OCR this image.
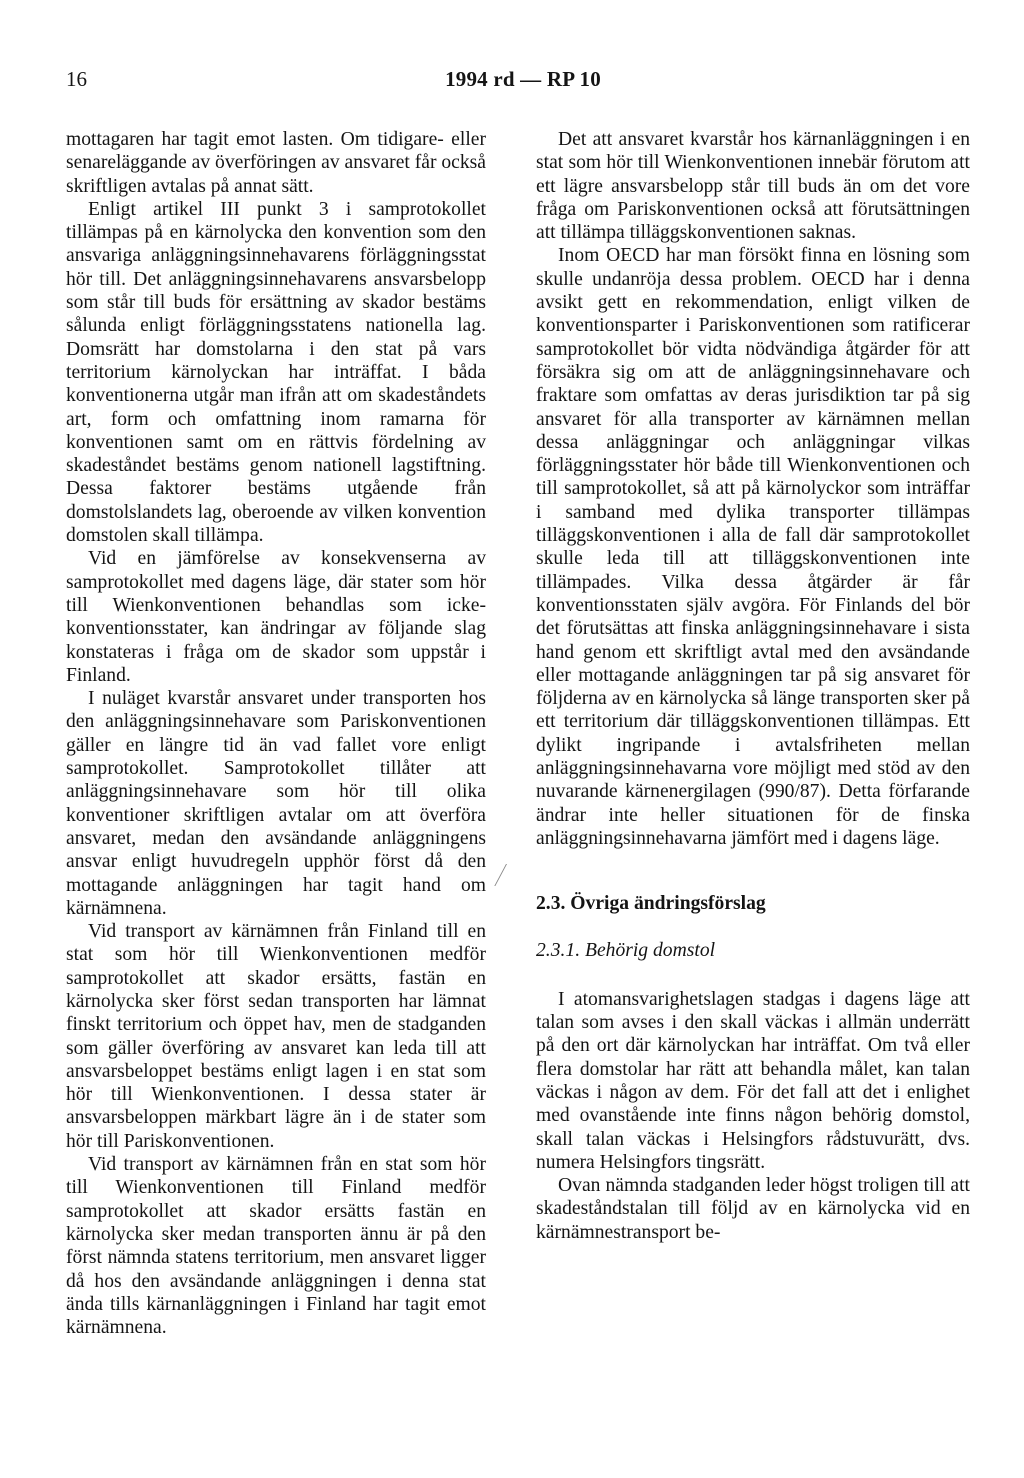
16	1994 rd — RP 10

mottagaren har tagit emot lasten. Om tidigare- eller senareläggande av överföringen av ansvaret får också skriftligen avtalas på annat sätt.

Enligt artikel III punkt 3 i samprotokollet tillämpas på en kärnolycka den konvention som den ansvariga anläggningsinnehavarens förläggningsstat hör till. Det anläggningsinnehavarens ansvarsbelopp som står till buds för ersättning av skador bestäms sålunda enligt förläggningsstatens nationella lag. Domsrätt har domstolarna i den stat på vars territorium kärnolyckan har inträffat. I båda konventionerna utgår man ifrån att om skadeståndets art, form och omfattning inom ramarna för konventionen samt om en rättvis fördelning av skadeståndet bestäms genom nationell lagstiftning. Dessa faktorer bestäms utgående från domstolslandets lag, oberoende av vilken konvention domstolen skall tillämpa.

Vid en jämförelse av konsekvenserna av samprotokollet med dagens läge, där stater som hör till Wienkonventionen behandlas som icke-konventionsstater, kan ändringar av följande slag konstateras i fråga om de skador som uppstår i Finland.

I nuläget kvarstår ansvaret under transporten hos den anläggningsinnehavare som Pariskonventionen gäller en längre tid än vad fallet vore enligt samprotokollet. Samprotokollet tillåter att anläggningsinnehavare som hör till olika konventioner skriftligen avtalar om att överföra ansvaret, medan den avsändande anläggningens ansvar enligt huvudregeln upphör först då den mottagande anläggningen har tagit hand om kärnämnena.

Vid transport av kärnämnen från Finland till en stat som hör till Wienkonventionen medför samprotokollet att skador ersätts, fastän en kärnolycka sker först sedan transporten har lämnat finskt territorium och öppet hav, men de stadganden som gäller överföring av ansvaret kan leda till att ansvarsbeloppet bestäms enligt lagen i en stat som hör till Wienkonventionen. I dessa stater är ansvarsbeloppen märkbart lägre än i de stater som hör till Pariskonventionen.

Vid transport av kärnämnen från en stat som hör till Wienkonventionen till Finland medför samprotokollet att skador ersätts fastän en kärnolycka sker medan transporten ännu är på den först nämnda statens territorium, men ansvaret ligger då hos den avsändande anläggningen i denna stat ända tills kärnanläggningen i Finland har tagit emot kärnämnena.

Det att ansvaret kvarstår hos kärnanläggningen i en stat som hör till Wienkonventionen innebär förutom att ett lägre ansvarsbelopp står till buds än om det vore fråga om Pariskonventionen också att förutsättningen att tillämpa tilläggskonventionen saknas.

Inom OECD har man försökt finna en lösning som skulle undanröja dessa problem. OECD har i denna avsikt gett en rekommendation, enligt vilken de konventionsparter i Pariskonventionen som ratificerar samprotokollet bör vidta nödvändiga åtgärder för att försäkra sig om att de anläggningsinnehavare och fraktare som omfattas av deras jurisdiktion tar på sig ansvaret för alla transporter av kärnämnen mellan dessa anläggningar och anläggningar vilkas förläggningsstater hör både till Wienkonventionen och till samprotokollet, så att på kärnolyckor som inträffar i samband med dylika transporter tillämpas tilläggskonventionen i alla de fall där samprotokollet skulle leda till att tilläggskonventionen inte tillämpades. Vilka dessa åtgärder är får konventionsstaten själv avgöra. För Finlands del bör det förutsättas att finska anläggningsinnehavare i sista hand genom ett skriftligt avtal med den avsändande eller mottagande anläggningen tar på sig ansvaret för följderna av en kärnolycka så länge transporten sker på ett territorium där tilläggskonventionen tillämpas. Ett dylikt ingripande i avtalsfriheten mellan anläggningsinnehavarna vore möjligt med stöd av den nuvarande kärnenergilagen (990/87). Detta förfarande ändrar inte heller situationen för de finska anläggningsinnehavarna jämfört med i dagens läge.

2.3. Övriga ändringsförslag
2.3.1. Behörig domstol

I atomansvarighetslagen stadgas i dagens läge att talan som avses i den skall väckas i allmän underrätt på den ort där kärnolyckan har inträffat. Om två eller flera domstolar har rätt att behandla målet, kan talan väckas i någon av dem. För det fall att det i enlighet med ovanstående inte finns någon behörig domstol, skall talan väckas i Helsingfors rådstuvurätt, dvs. numera Helsingfors tingsrätt.

Ovan nämnda stadganden leder högst troligen till att skadeståndstalan till följd av en kärnolycka vid en kärnämnestransport be-
